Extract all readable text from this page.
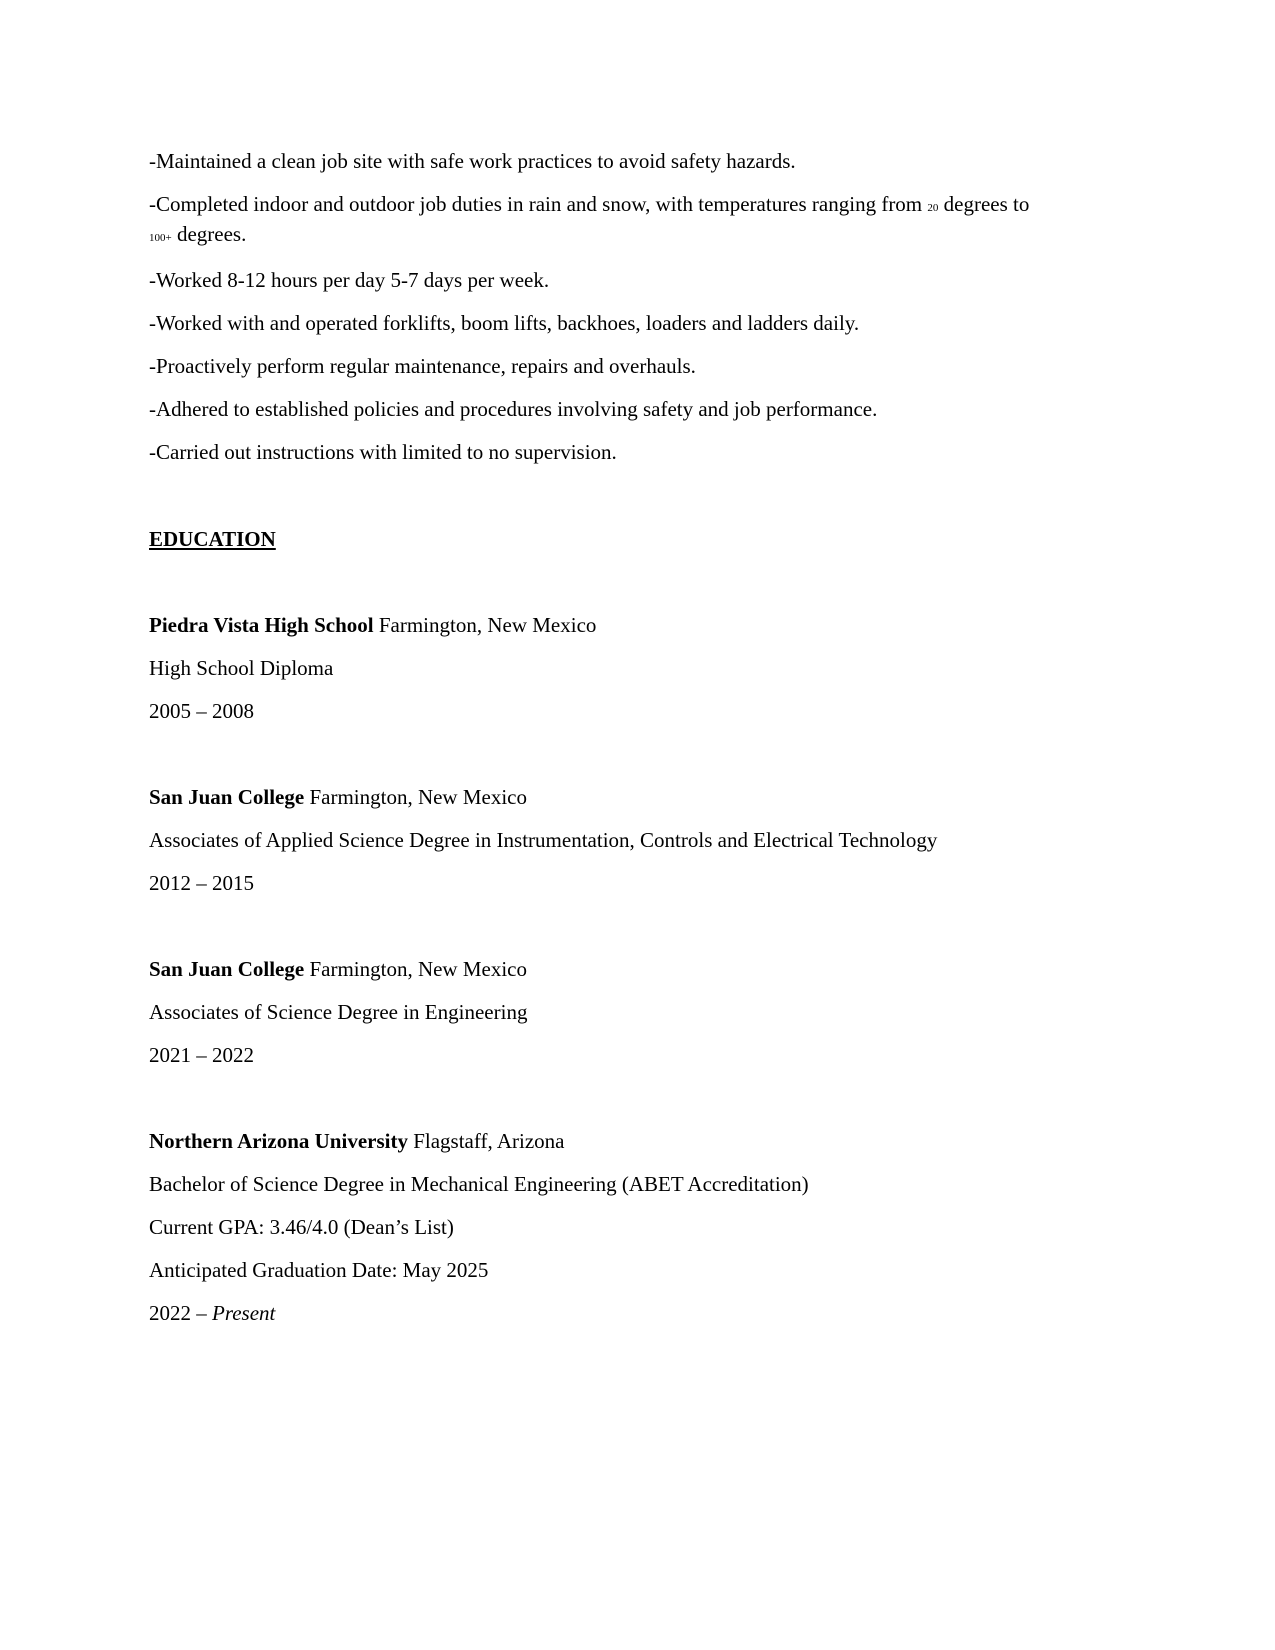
-Maintained a clean job site with safe work practices to avoid safety hazards.
-Completed indoor and outdoor job duties in rain and snow, with temperatures ranging from 20 degrees to
100+ degrees.
-Worked 8-12 hours per day 5-7 days per week.
-Worked with and operated forklifts, boom lifts, backhoes, loaders and ladders daily.
-Proactively perform regular maintenance, repairs and overhauls.
-Adhered to established policies and procedures involving safety and job performance.
-Carried out instructions with limited to no supervision.
EDUCATION
Piedra Vista High School Farmington, New Mexico
High School Diploma
2005 – 2008
San Juan College Farmington, New Mexico
Associates of Applied Science Degree in Instrumentation, Controls and Electrical Technology
2012 – 2015
San Juan College Farmington, New Mexico
Associates of Science Degree in Engineering
2021 – 2022
Northern Arizona University Flagstaff, Arizona
Bachelor of Science Degree in Mechanical Engineering (ABET Accreditation)
Current GPA: 3.46/4.0 (Dean’s List)
Anticipated Graduation Date: May 2025
2022 – Present
